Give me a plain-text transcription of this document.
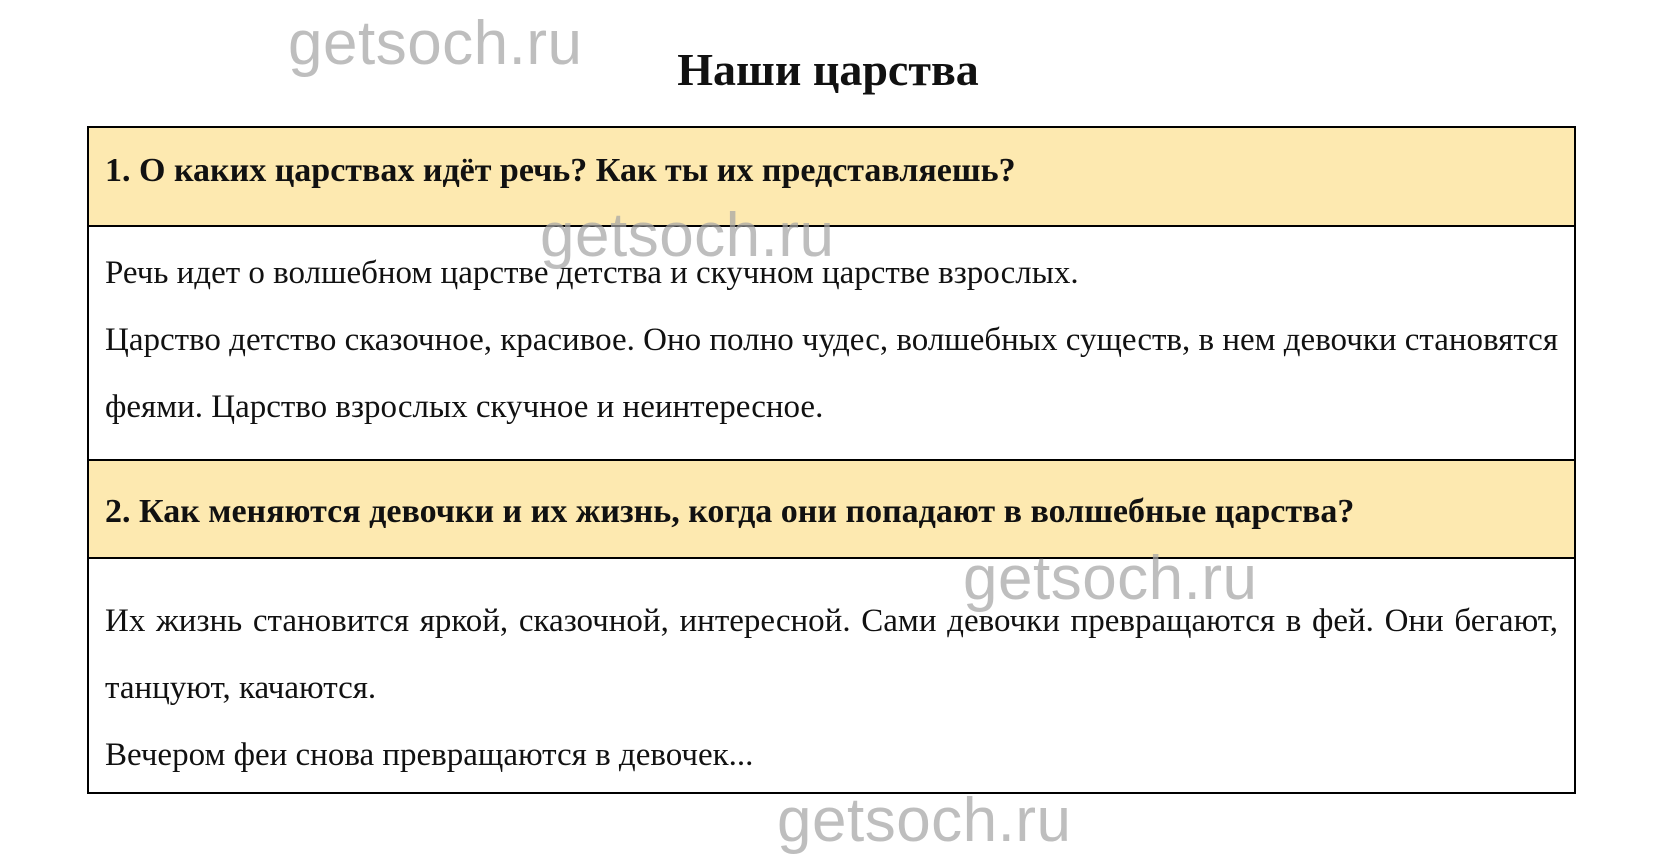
getsoch.ru
getsoch.ru
getsoch.ru
getsoch.ru
Наши царства
1. О каких царствах идёт речь? Как ты их представляешь?

Речь идет о волшебном царстве детства и скучном царстве взрослых.

Царство детство сказочное, красивое. Оно полно чудес, волшебных существ, в нем девочки становятся феями. Царство взрослых скучное и неинтересное.

2. Как меняются девочки и их жизнь, когда они попадают в волшебные царства?

Их жизнь становится яркой, сказочной, интересной. Сами девочки превращаются в фей. Они бегают, танцуют, качаются.

Вечером феи снова превращаются в девочек...
